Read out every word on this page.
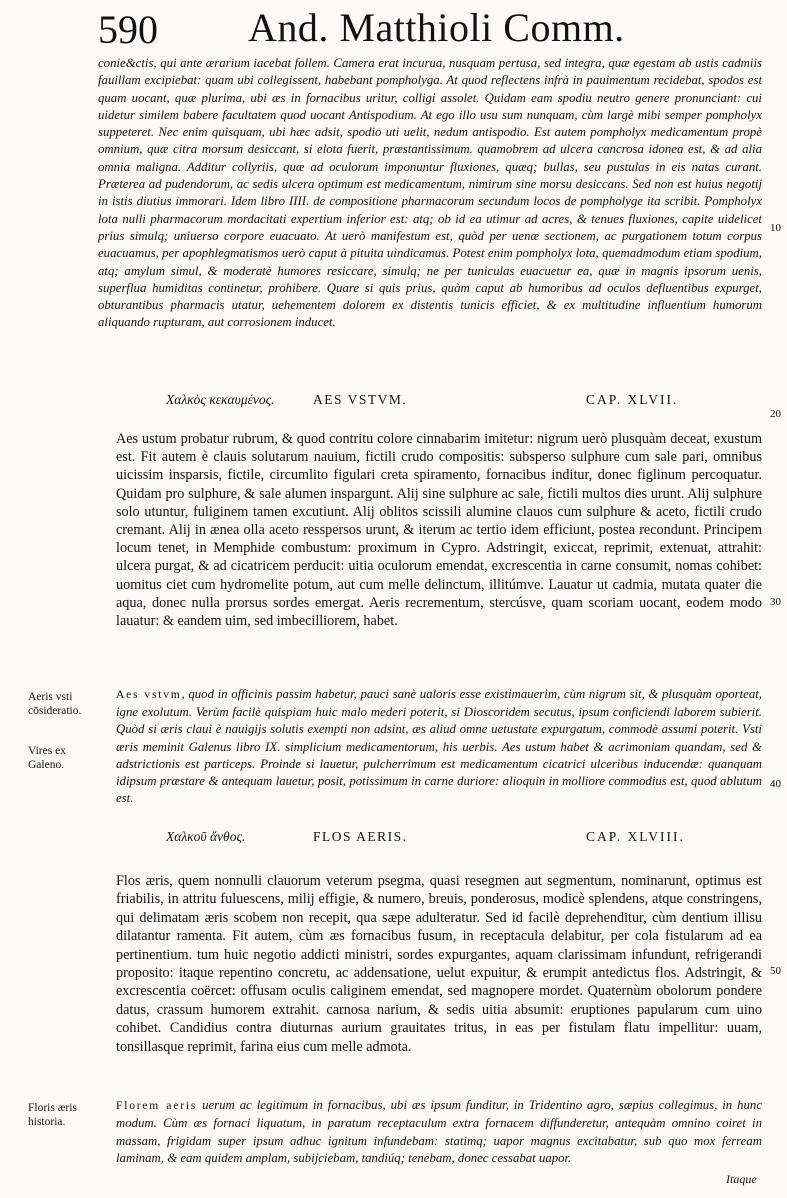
590 And. Matthioli Comm.

conie&ctis, qui ante ærarium iacebat follem. Camera erat incurua, nusquam pertusa, sed integra, quæ egestam ab ustis cadmiis fauillam excipiebat: quam ubi collegissent, habebant pompholyga. At quod reflectens infrà in pauimentum recidebat, spodos est quam uocant, quæ plurima, ubi æs in fornacibus uritur, colligi assolet. Quidam eam spodiu neutro genere pronunciant: cui uidetur similem babere facultatem quod uocant Antispodium. At ego illo usu sum nunquam, cùm largè mibi semper pompholyx suppeteret. Nec enim quisquam, ubi hæc adsit, spodio uti uelit, nedum antispodio. Est autem pompholyx medicamentum propè omnium, quæ citra morsum desiccant, si elota fuerit, præstantissimum. quamobrem ad ulcera cancrosa idonea est, & ad alia omnia maligna. Additur collyriis, quæ ad oculorum imponuntur fluxiones, quæq; bullas, seu pustulas in eis natas curant. Præterea ad pudendorum, ac sedis ulcera optimum est medicamentum, nimirum sine morsu desiccans. Sed non est huius negotij in istis diutius immorari. Idem libro IIII. de compositione pharmacorum secundum locos de pompholyge ita scribit. Pompholyx lota nulli pharmacorum mordacitati expertium inferior est: atq; ob id ea utimur ad acres, & tenues fluxiones, capite uidelicet prius simulq; uniuerso corpore euacuato. At uerò manifestum est, quòd per uenæ sectionem, ac purgationem totum corpus euacuamus, per apophlegmatismos uerò caput à pituita uindicamus. Potest enim pompholyx lota, quemadmodum etiam spodium, atq; amylum simul, & moderatè humores resiccare, simulq; ne per tuniculas euacuetur ea, quæ in magnis ipsorum uenis, superflua humiditas continetur, prohibere. Quare si quis prius, quàm caput ab humoribus ad oculos defluentibus expurget, obturantibus pharmacis utatur, uehementem dolorem ex distentis tunicis efficiet, & ex multitudine influentium humorum aliquando rupturam, aut corrosionem inducet.

Χαλκὸς κεκαυμένος.	AES VSTVM.	CAP. XLVII.

Aes ustum probatur rubrum, & quod contritu colore cinnabarim imitetur: nigrum uerò plusquàm deceat, exustum est. Fit autem è clauis solutarum nauium, fictili crudo compositis: subsperso sulphure cum sale pari, omnibus uicissim insparsis, fictile, circumlito figulari creta spiramento, fornacibus inditur, donec figlinum percoquatur. Quidam pro sulphure, & sale alumen inspargunt. Alij sine sulphure ac sale, fictili multos dies urunt. Alij sulphure solo utuntur, fuliginem tamen excutiunt. Alij oblitos scissili alumine clauos cum sulphure & aceto, fictili crudo cremant. Alij in ænea olla aceto resspersos urunt, & iterum ac tertio idem efficiunt, postea recondunt. Principem locum tenet, in Memphide combustum: proximum in Cypro. Adstringit, exiccat, reprimit, extenuat, attrahit: ulcera purgat, & ad cicatricem perducit: uitia oculorum emendat, excrescentia in carne consumit, nomas cohibet: uomitus ciet cum hydromelite potum, aut cum melle delinctum, illitúmve. Lauatur ut cadmia, mutata quater die aqua, donec nulla prorsus sordes emergat. Aeris recrementum, stercúsve, quam scoriam uocant, eodem modo lauatur: & eandem uim, sed imbecilliorem, habet.

Aes vstvm, quod in officinis passim habetur, pauci sanè ualoris esse existimauerim, cùm nigrum sit, & plusquàm oporteat, igne exolutum. Verùm facilè quispiam huic malo mederi poterit, si Dioscoridem secutus, ipsum conficiendi laborem subierit. Quòd si æris claui è nauigijs solutis exempti non adsint, æs aliud omne uetustate expurgatum, commodè assumi poterit. Vsti æris meminit Galenus libro IX. simplicium medicamentorum, his uerbis. Aes ustum habet & acrimoniam quandam, sed & adstrictionis est particeps. Proinde si lauetur, pulcherrimum est medicamentum cicatrici ulceribus inducendæ: quanquam idipsum præstare & antequam lauetur, posit, potissimum in carne duriore: alioquin in molliore commodius est, quod ablutum est.

Χαλκοῦ ἄνθος.	FLOS AERIS.	CAP. XLVIII.

Flos æris, quem nonnulli clauorum veterum psegma, quasi resegmen aut segmentum, nominarunt, optimus est friabilis, in attritu fuluescens, milij effigie, & numero, breuis, ponderosus, modicè splendens, atque constringens, qui delimatam æris scobem non recepit, qua sæpe adulteratur. Sed id facilè deprehenditur, cùm dentium illisu dilatantur ramenta. Fit autem, cùm æs fornacibus fusum, in receptacula delabitur, per cola fistularum ad ea pertinentium. tum huic negotio addicti ministri, sordes expurgantes, aquam clarissimam infundunt, refrigerandi proposito: itaque repentino concretu, ac addensatione, uelut expuitur, & erumpit antedictus flos. Adstringit, & excrescentia coërcet: offusam oculis caliginem emendat, sed magnopere mordet. Quaternùm obolorum pondere datus, crassum humorem extrahit. carnosa narium, & sedis uitia absumit: eruptiones papularum cum uino cohibet. Candidius contra diuturnas aurium grauitates tritus, in eas per fistulam flatu impellitur: uuam, tonsillasque reprimit, farina eius cum melle admota.

Florem aeris uerum ac legitimum in fornacibus, ubi æs ipsum funditur, in Tridentino agro, sæpius collegimus, in hunc modum. Cùm æs fornaci liquatum, in paratum receptaculum extra fornacem diffunderetur, antequàm omnino coiret in massam, frigidam super ipsum adhuc ignitum infundebam: statimq; uapor magnus excitabatur, sub quo mox ferream laminam, & eam quidem amplam, subijciebam, tandiúq; tenebam, donec cessabat uapor.

Aeris vsti cōsideratio.
Vires ex Galeno.
Floris æris historia.
10
20
30
40
50
Itaque
